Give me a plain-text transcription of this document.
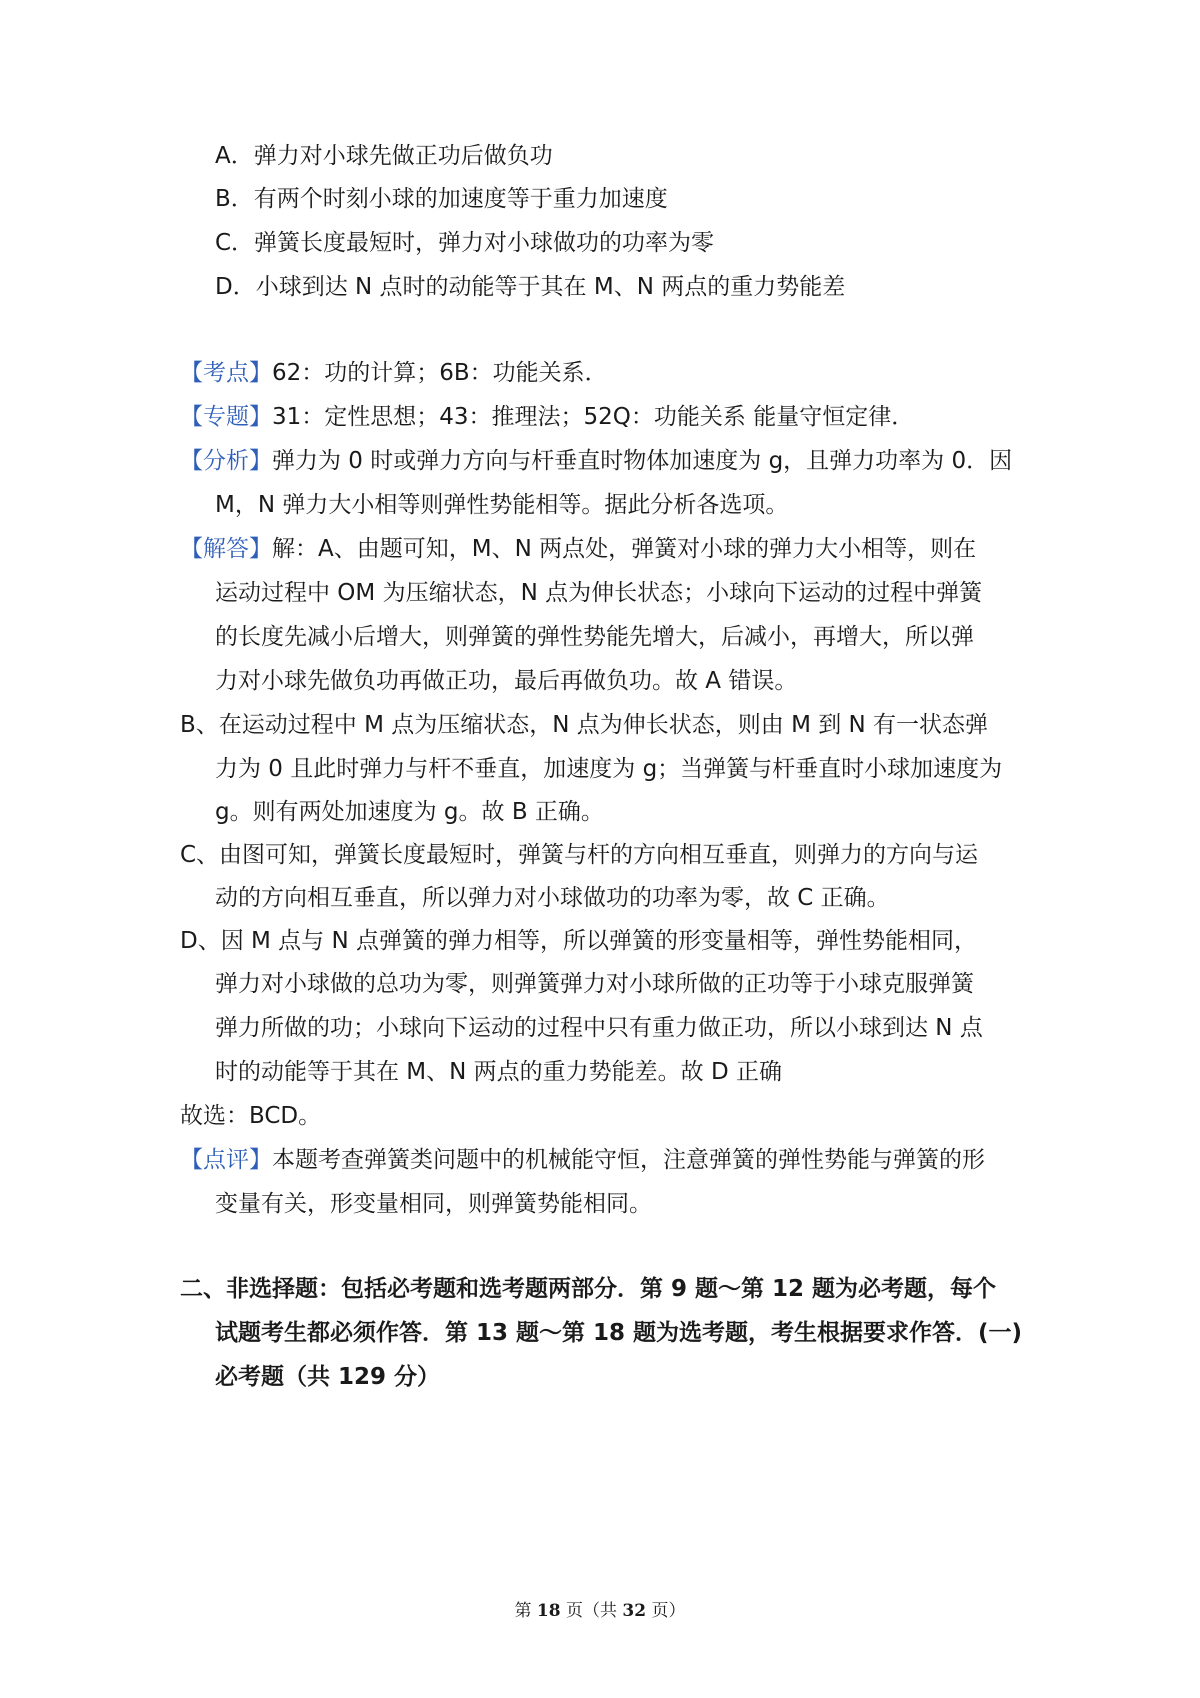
A．弹力对小球先做正功后做负功
B．有两个时刻小球的加速度等于重力加速度
C．弹簧长度最短时，弹力对小球做功的功率为零
D．小球到达 N 点时的动能等于其在 M、N 两点的重力势能差
【考点】62：功的计算；6B：功能关系．
【专题】31：定性思想；43：推理法；52Q：功能关系 能量守恒定律．
【分析】弹力为 0 时或弹力方向与杆垂直时物体加速度为 g，且弹力功率为 0．因
M，N 弹力大小相等则弹性势能相等。据此分析各选项。
【解答】解：A、由题可知，M、N 两点处，弹簧对小球的弹力大小相等，则在
运动过程中 OM 为压缩状态，N 点为伸长状态；小球向下运动的过程中弹簧
的长度先减小后增大，则弹簧的弹性势能先增大，后减小，再增大，所以弹
力对小球先做负功再做正功，最后再做负功。故 A 错误。
B、在运动过程中 M 点为压缩状态，N 点为伸长状态，则由 M 到 N 有一状态弹
力为 0 且此时弹力与杆不垂直，加速度为 g；当弹簧与杆垂直时小球加速度为
g。则有两处加速度为 g。故 B 正确。
C、由图可知，弹簧长度最短时，弹簧与杆的方向相互垂直，则弹力的方向与运
动的方向相互垂直，所以弹力对小球做功的功率为零，故 C 正确。
D、因 M 点与 N 点弹簧的弹力相等，所以弹簧的形变量相等，弹性势能相同，
弹力对小球做的总功为零，则弹簧弹力对小球所做的正功等于小球克服弹簧
弹力所做的功；小球向下运动的过程中只有重力做正功，所以小球到达 N 点
时的动能等于其在 M、N 两点的重力势能差。故 D 正确
故选：BCD。
【点评】本题考查弹簧类问题中的机械能守恒，注意弹簧的弹性势能与弹簧的形
变量有关，形变量相同，则弹簧势能相同。
二、非选择题：包括必考题和选考题两部分．第 9 题～第 12 题为必考题，每个
试题考生都必须作答．第 13 题～第 18 题为选考题，考生根据要求作答．(一)
必考题（共 129 分）
第 18 页（共 32 页）
